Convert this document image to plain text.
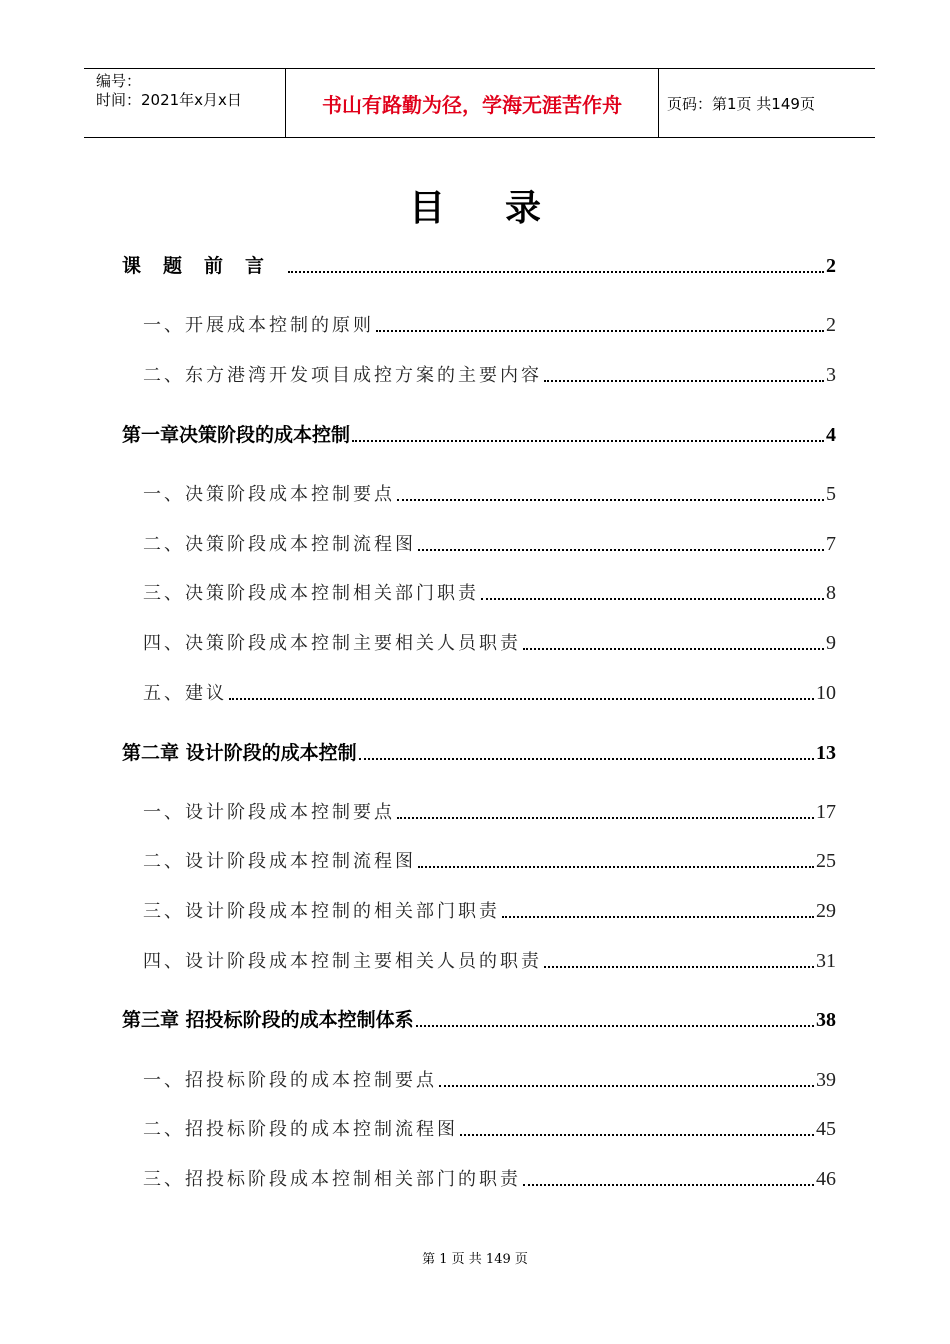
编号：
时间：2021年x月x日	书山有路勤为径，学海无涯苦作舟	页码：第1页 共149页
目录
课题前言	2
一、开展成本控制的原则	2
二、东方港湾开发项目成控方案的主要内容	3
第一章决策阶段的成本控制	4
一、决策阶段成本控制要点	5
二、决策阶段成本控制流程图	7
三、决策阶段成本控制相关部门职责	8
四、决策阶段成本控制主要相关人员职责	9
五、建议	10
第二章 设计阶段的成本控制	13
一、设计阶段成本控制要点	17
二、设计阶段成本控制流程图	25
三、设计阶段成本控制的相关部门职责	29
四、设计阶段成本控制主要相关人员的职责	31
第三章 招投标阶段的成本控制体系	38
一、招投标阶段的成本控制要点	39
二、招投标阶段的成本控制流程图	45
三、招投标阶段成本控制相关部门的职责	46
第 1 页 共 149 页
